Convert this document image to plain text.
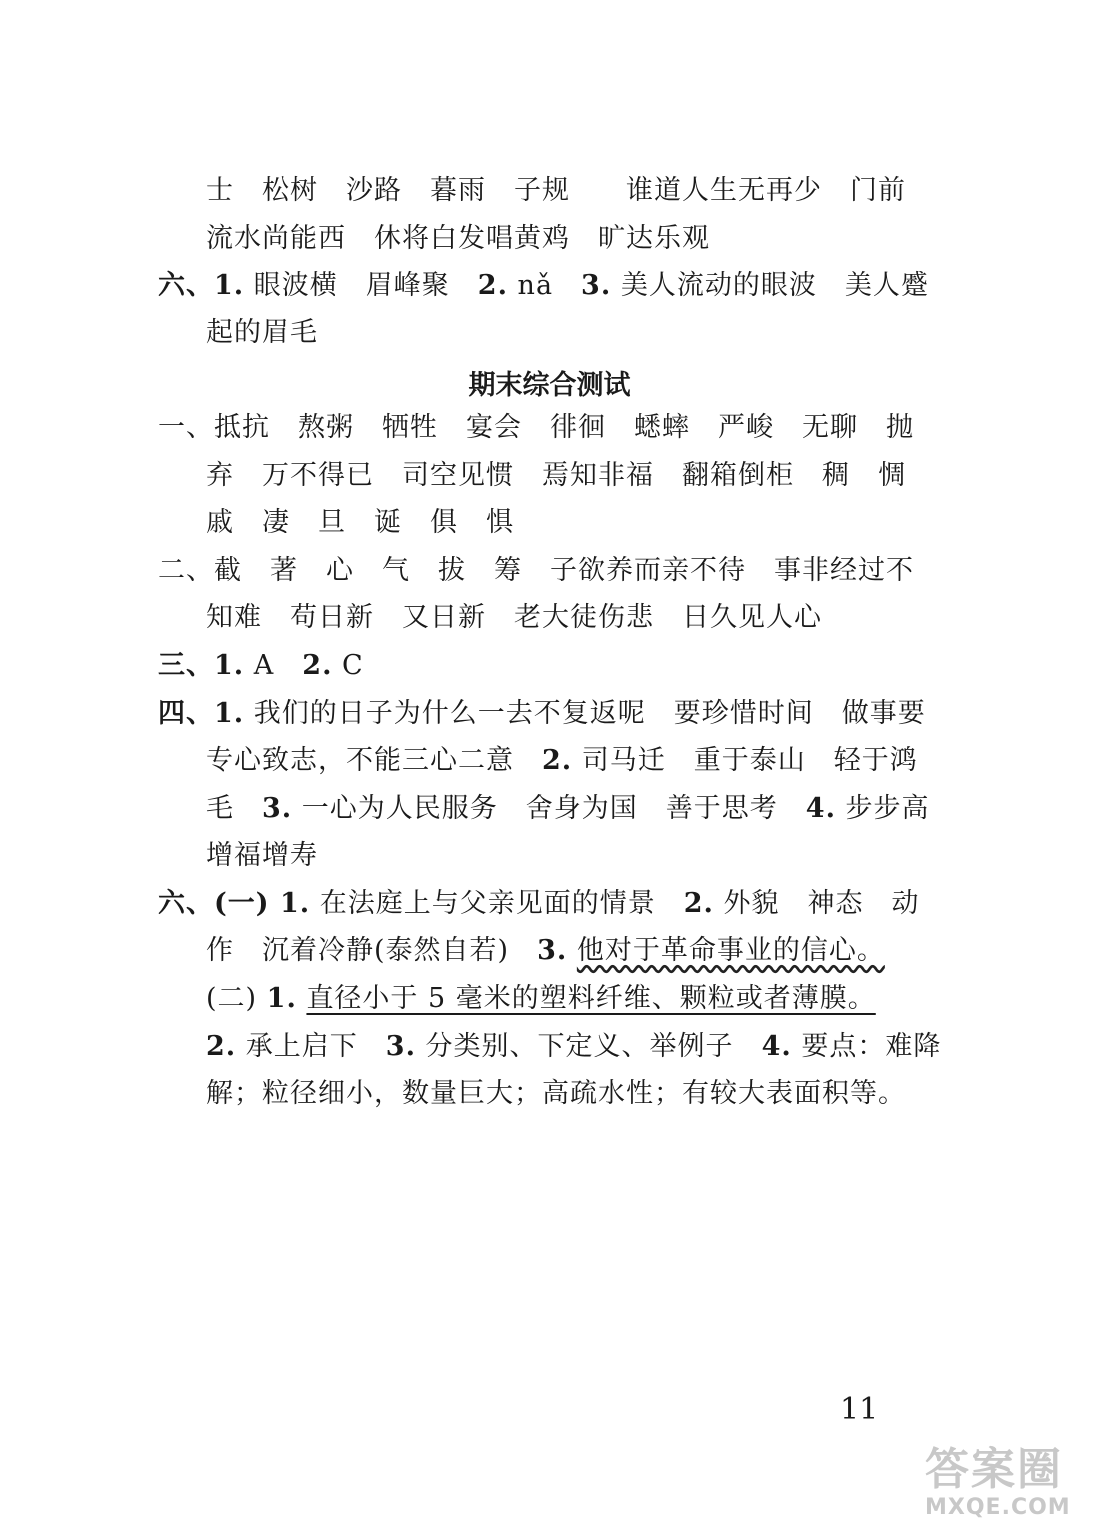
士　松树　沙路　暮雨　子规　　谁道人生无再少　门前
流水尚能西　休将白发唱黄鸡　旷达乐观
六、1. 眼波横　眉峰聚　2. nǎ　3. 美人流动的眼波　美人蹙
起的眉毛
期末综合测试
一、抵抗　熬粥　牺牲　宴会　徘徊　蟋蟀　严峻　无聊　抛
弃　万不得已　司空见惯　焉知非福　翻箱倒柜　稠　惆
戚　凄　旦　诞　俱　惧
二、截　著　心　气　拔　筹　子欲养而亲不待　事非经过不
知难　苟日新　又日新　老大徒伤悲　日久见人心
三、1. A　2. C
四、1. 我们的日子为什么一去不复返呢　要珍惜时间　做事要
专心致志，不能三心二意　2. 司马迁　重于泰山　轻于鸿
毛　3. 一心为人民服务　舍身为国　善于思考　4. 步步高
增福增寿
六、(一) 1. 在法庭上与父亲见面的情景　2. 外貌　神态　动
作　沉着冷静(泰然自若)　3. 他对于革命事业的信心。
(二) 1. 直径小于 5 毫米的塑料纤维、颗粒或者薄膜。
2. 承上启下　3. 分类别、下定义、举例子　4. 要点：难降
解；粒径细小，数量巨大；高疏水性；有较大表面积等。
11
答案圈
MXQE.COM
